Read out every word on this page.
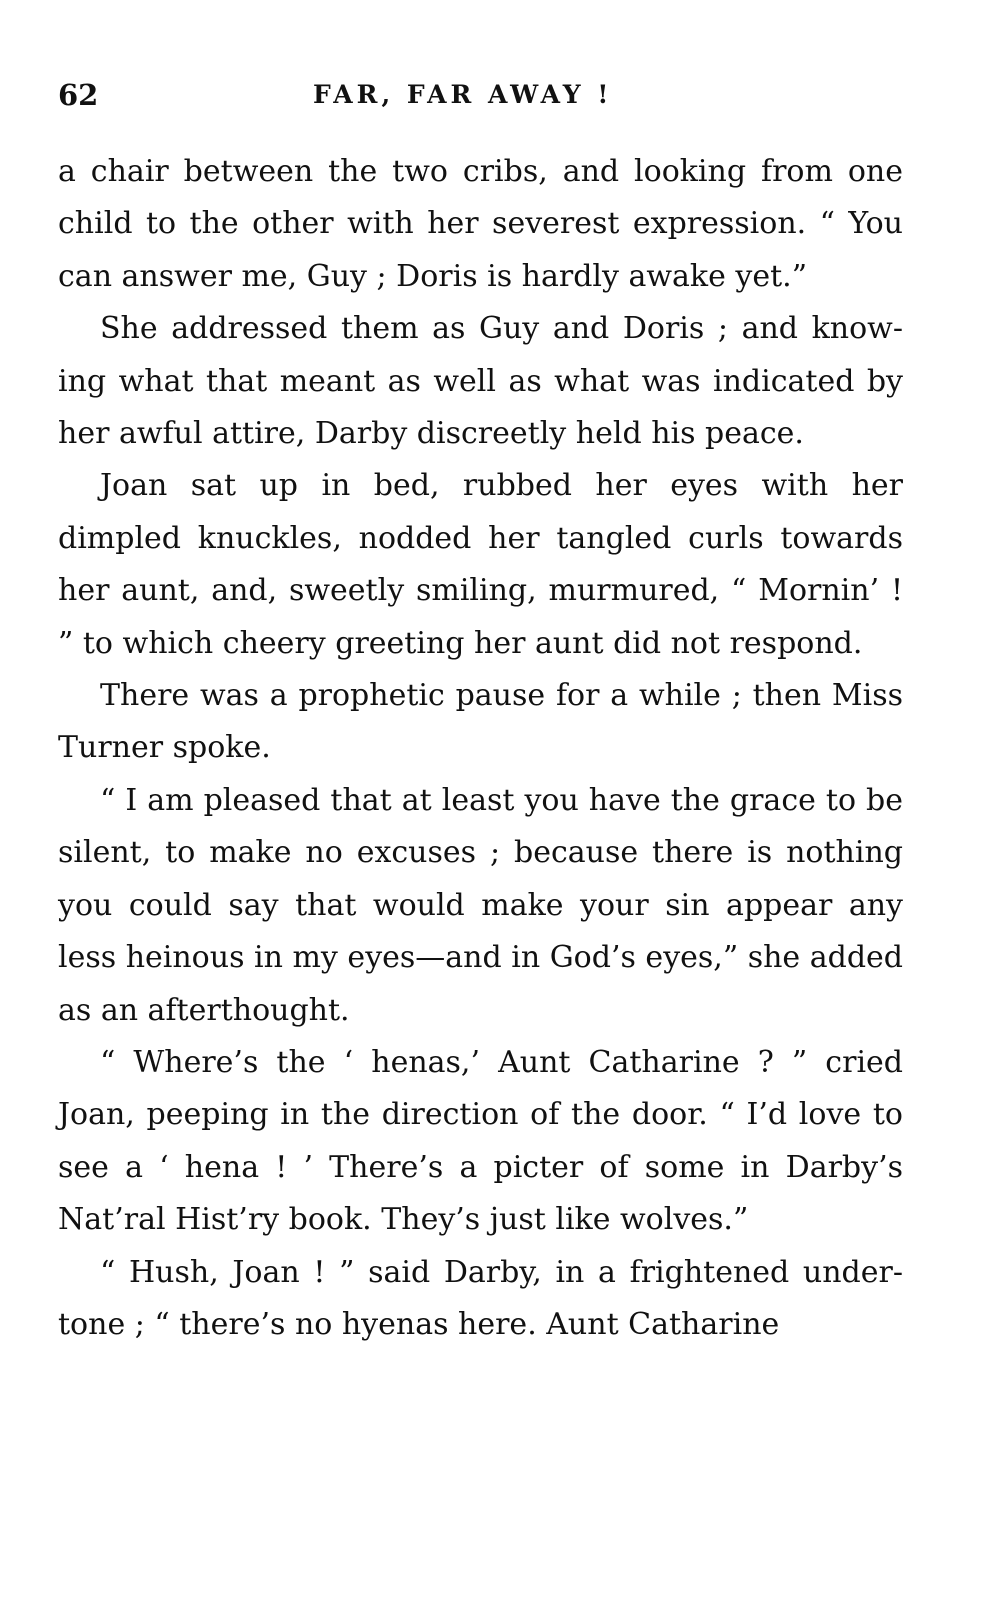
62	FAR, FAR AWAY !

a chair between the two cribs, and looking from one child to the other with her severest expression. “ You can answer me, Guy ; Doris is hardly awake yet.”

She addressed them as Guy and Doris ; and knowing what that meant as well as what was indicated by her awful attire, Darby discreetly held his peace.

Joan sat up in bed, rubbed her eyes with her dimpled knuckles, nodded her tangled curls towards her aunt, and, sweetly smiling, murmured, “ Mornin’ ! ” to which cheery greeting her aunt did not respond.

There was a prophetic pause for a while ; then Miss Turner spoke.

“ I am pleased that at least you have the grace to be silent, to make no excuses ; because there is nothing you could say that would make your sin appear any less heinous in my eyes—and in God’s eyes,” she added as an afterthought.

“ Where’s the ‘ henas,’ Aunt Catharine ? ” cried Joan, peeping in the direction of the door. “ I’d love to see a ‘ hena ! ’ There’s a picter of some in Darby’s Nat’ral Hist’ry book. They’s just like wolves.”

“ Hush, Joan ! ” said Darby, in a frightened undertone ; “ there’s no hyenas here. Aunt Catharine
